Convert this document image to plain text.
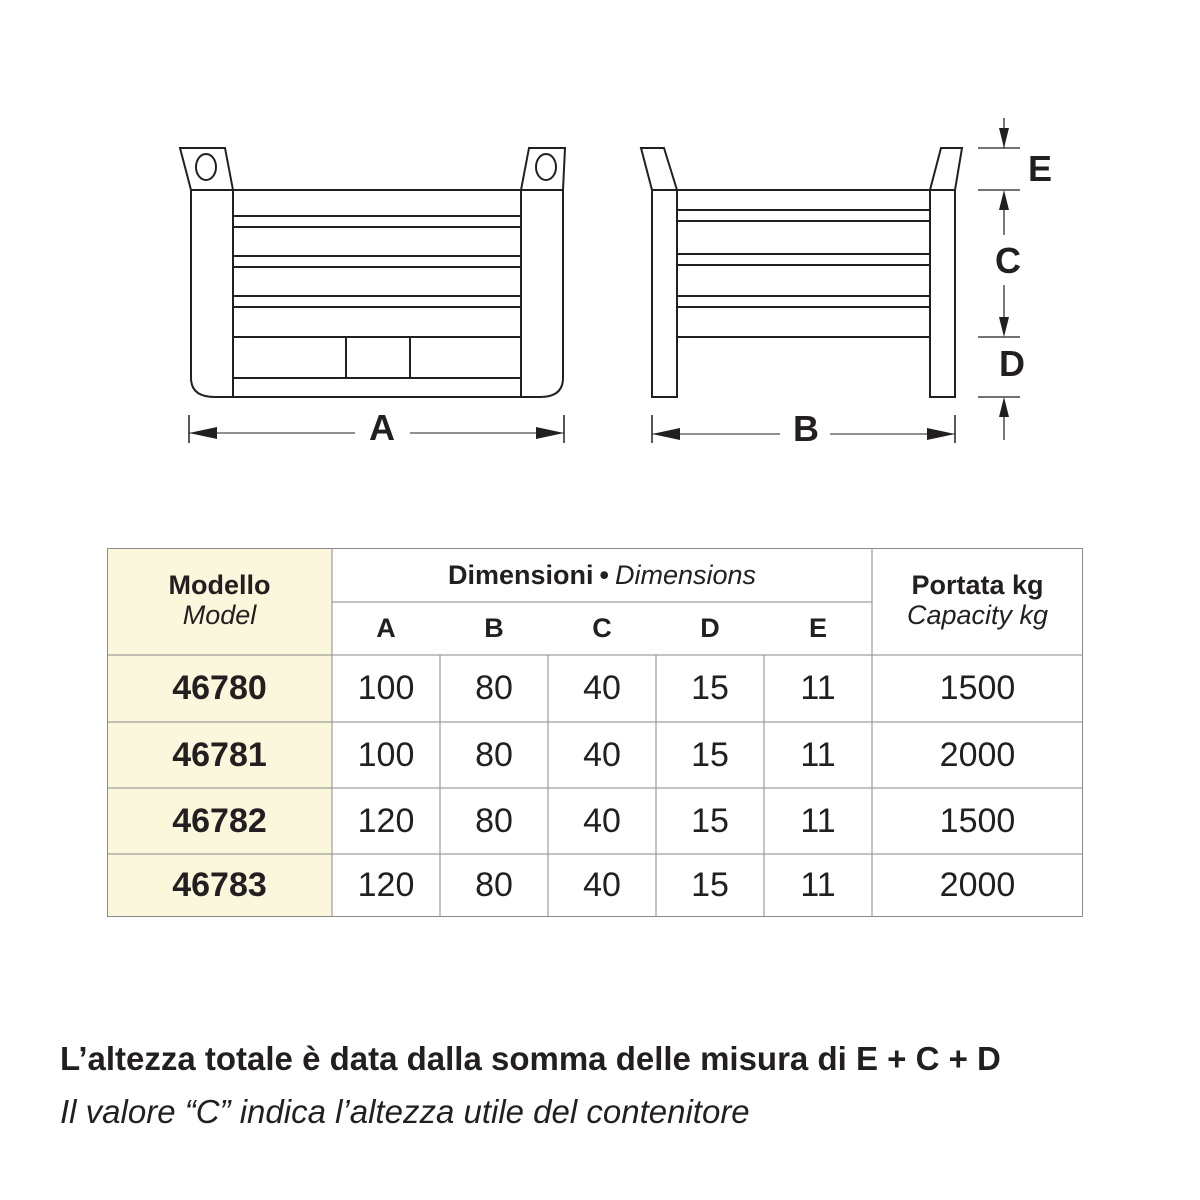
A	B
E
C
D
Modello
Model
Dimensioni • Dimensions
A	B	C	D	E
Portata kg
Capacity kg
46780	100	80	40	15	11	1500
46781	100	80	40	15	11	2000
46782	120	80	40	15	11	1500
46783	120	80	40	15	11	2000
L’altezza totale è data dalla somma delle misura di E + C + D
Il valore “C” indica l’altezza utile del contenitore
